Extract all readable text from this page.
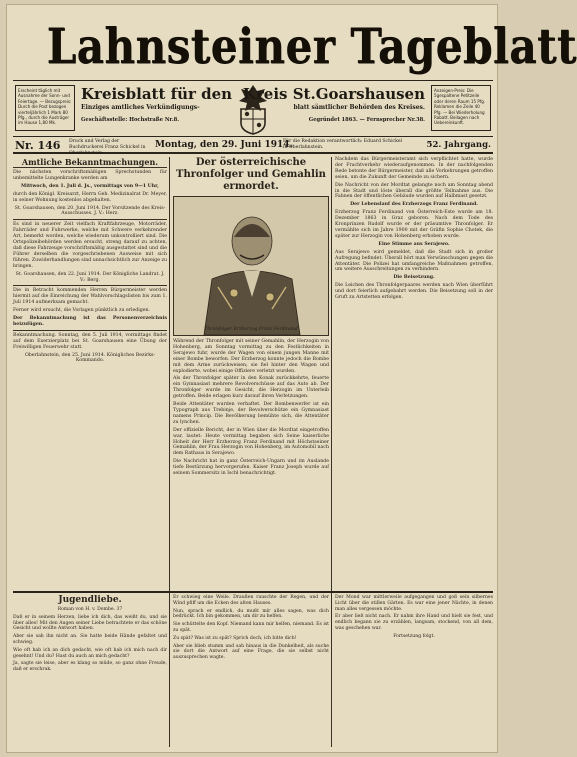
Lahnsteiner Tageblatt
Erscheint täglich mit Ausnahme der Sonn- und Feiertage. — Bezugspreis: Durch die Post bezogen vierteljährlich 1 Mark 80 Pfg., durch die Austräger im Hause 1,80 Mk.
Kreisblatt für den
Einziges amtliches Verkündigungs-
Geschäftsstelle: Hochstraße Nr.8.
Kreis St.Goarshausen
blatt sämtlicher Behörden des Kreises.
Gegründet 1863. — Fernsprecher Nr.38.
Anzeigen-Preis: Die 5gespaltene Petitzeile oder deren Raum 15 Pfg. Reklamen die Zeile 40 Pfg. — Bei Wiederholung Rabatt. Beilagen nach Uebereinkunft.
Nr. 146 Druck und Verlag der Buchdruckerei Franz Schickel in Oberlahnstein.
Montag, den 29. Juni 1914.
Für die Redaktion verantwortlich: Eduard Schickel in Oberlahnstein.	52. Jahrgang.
Amtliche Bekanntmachungen.

Die nächsten vorschriftsmäßigen Sprechstunden für unbemittelte Lungenkranke werden am

Mittwoch, den 1. Juli d. Js., vormittags von 9—1 Uhr,

durch den Königl. Kreisarzt, Herrn Geh. Medizinalrat Dr. Meyer, in seiner Wohnung kostenlos abgehalten.

St. Goarshausen, den 20. Juni 1914. Der Vorsitzende des Kreis-Ausschusses. J. V.: Herz.

Es sind in neuerer Zeit vielfach Kraftfahrzeuge, Motorräder, Fahrräder und Fuhrwerke, welche mit Schwere verkehrender Art, bemerkt worden, welche wiederum unkontrolliert sind. Die Ortspolizeibehörden werden ersucht, streng darauf zu achten, daß diese Fahrzeuge vorschriftsmäßig ausgestattet sind und die Führer derselben die vorgeschriebenen Ausweise mit sich führen. Zuwiderhandlungen sind unnachsichtlich zur Anzeige zu bringen.

St. Goarshausen, den 22. Juni 1914. Der Königliche Landrat. J. V.: Berg.

Die in Betracht kommenden Herren Bürgermeister werden hiermit auf die Einreichung der Wahlvorschlagslisten bis zum 1. Juli 1914 aufmerksam gemacht.

Ferner wird ersucht, die Vorlagen pünktlich zu erledigen.

Der Bekanntmachung ist das Personenverzeichnis beizufügen.

Bekanntmachung. Sonntag, den 5. Juli 1914, vormittags findet auf dem Exerzierplatz bei St. Goarshausen eine Übung der Freiwilligen Feuerwehr statt.

Oberlahnstein, den 25. Juni 1914. Königliches Bezirks-Kommando.

Der österreichische Thronfolger und Gemahlin ermordet.
Thronfolger Erzherzog Franz Ferdinand

Während der Thronfolger mit seiner Gemahlin, der Herzogin von Hohenberg, am Sonntag vormittag zu den Festlichkeiten in Serajewo fuhr, wurde der Wagen von einem jungen Manne mit einer Bombe beworfen. Der Erzherzog konnte jedoch die Bombe mit dem Arme zurückweisen; sie fiel hinter den Wagen und explodierte, wobei einige Offiziere verletzt wurden.

Als der Thronfolger später in den Konak zurückkehrte, feuerte ein Gymnasiast mehrere Revolverschüsse auf das Auto ab. Der Thronfolger wurde im Gesicht, die Herzogin im Unterleib getroffen. Beide erlagen kurz darauf ihren Verletzungen.

Beide Attentäter wurden verhaftet. Der Bombenwerfer ist ein Typograph aus Trebinje, der Revolverschütze ein Gymnasiast namens Princip. Die Bevölkerung bemühte sich, die Attentäter zu lynchen.

Der offizielle Bericht, der in Wien über die Mordtat eingetroffen war, lautet: Heute vormittag begaben sich Seine kaiserliche Hoheit der Herr Erzherzog Franz Ferdinand mit Höchstseiner Gemahlin, der Frau Herzogin von Hohenberg, im Automobil nach dem Rathaus in Serajewo.

Die Nachricht hat in ganz Österreich-Ungarn und im Auslande tiefe Bestürzung hervorgerufen. Kaiser Franz Joseph wurde auf seinem Sommersitz in Ischl benachrichtigt.

Nachdem das Bürgermeisteramt sich verpflichtet hatte, wurde der Frachtverkehr wiederaufgenommen. In der nachfolgenden Rede betonte der Bürgermeister, daß alle Vorkehrungen getroffen seien, um die Zukunft der Gemeinde zu sichern.

Die Nachricht von der Mordtat gelangte noch am Sonntag abend in die Stadt und löste überall die größte Teilnahme aus. Die Fahnen der öffentlichen Gebäude wurden auf Halbmast gesetzt.

Der Lebenslauf des Erzherzogs Franz Ferdinand.

Erzherzog Franz Ferdinand von Österreich-Este wurde am 18. Dezember 1863 in Graz geboren. Nach dem Tode des Kronprinzen Rudolf wurde er der präsumtive Thronfolger. Er vermählte sich im Jahre 1900 mit der Gräfin Sophie Chotek, die später zur Herzogin von Hohenberg erhoben wurde.

Eine Stimme aus Serajewo.

Aus Serajewo wird gemeldet, daß die Stadt sich in großer Aufregung befindet. Überall hört man Verwünschungen gegen die Attentäter. Die Polizei hat umfangreiche Maßnahmen getroffen, um weitere Ausschreitungen zu verhindern.

Die Beisetzung.

Die Leichen des Thronfolgerpaares werden nach Wien überführt und dort feierlich aufgebahrt werden. Die Beisetzung soll in der Gruft zu Artstetten erfolgen.

Jugendliebe.
Roman von H. v. Dombe. 37

Daß er in seinem Herzen, liebe ich dich, das weißt du, und sie über alles! Mit den Augen seiner Liebe betrachtete er das schöne Gesicht und wollte Antwort haben.

Aber sie sah ihn nicht an. Sie hatte beide Hände gefaltet und schwieg.

Wie oft hab ich an dich gedacht, wie oft hab ich mich nach dir gesehnt! Und du? Hast du auch an mich gedacht?

Ja, sagte sie leise, aber es klang so müde, so ganz ohne Freude, daß er erschrak.

Er schwieg eine Weile. Draußen rauschte der Regen, und der Wind pfiff um die Ecken des alten Hauses.

Nun, sprach er endlich, du mußt mir alles sagen, was dich bedrückt. Ich bin gekommen, um dir zu helfen.

Sie schüttelte den Kopf. Niemand kann mir helfen, niemand. Es ist zu spät.

Zu spät? Was ist zu spät? Sprich doch, ich bitte dich!

Aber sie blieb stumm und sah hinaus in die Dunkelheit, als suche sie dort die Antwort auf eine Frage, die sie selbst nicht auszusprechen wagte.

Der Mond war mittlerweile aufgegangen und goß sein silbernes Licht über die stillen Gärten. Es war eine jener Nächte, in denen man alles vergessen möchte.

Er aber ließ nicht nach. Er nahm ihre Hand und hielt sie fest, und endlich begann sie zu erzählen, langsam, stockend, von all dem, was geschehen war.

Fortsetzung folgt.
